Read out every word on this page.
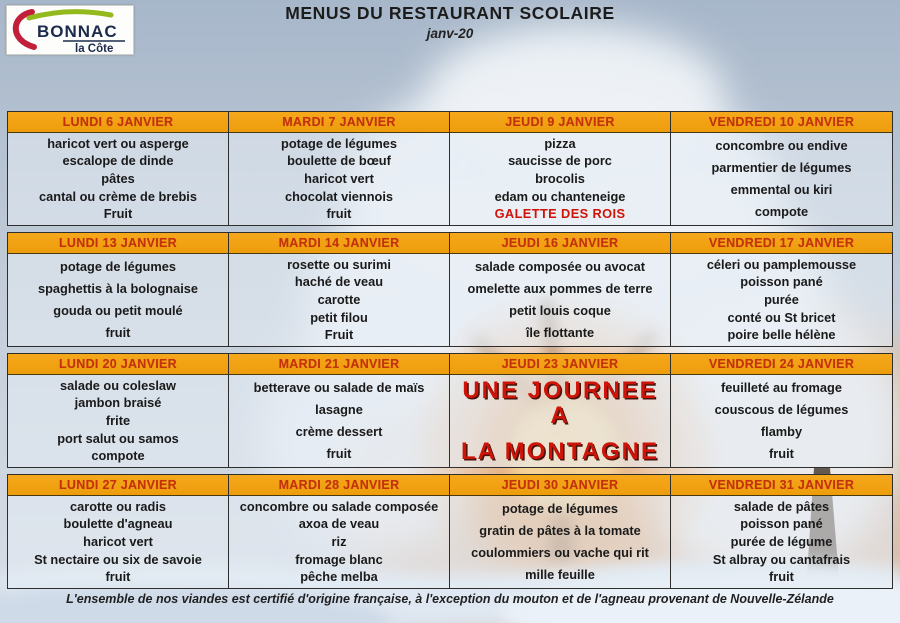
BONNAC
la Côte
MENUS DU RESTAURANT SCOLAIRE
janv-20
LUNDI 6 JANVIER
haricot vert ou asperge
escalope de dinde
pâtes
cantal ou crème de brebis
Fruit
MARDI 7 JANVIER
potage de légumes
boulette de bœuf
haricot vert
chocolat viennois
fruit
JEUDI 9 JANVIER
pizza
saucisse de porc
brocolis
edam ou chanteneige
GALETTE DES ROIS
VENDREDI 10 JANVIER
concombre ou endive
parmentier de légumes
emmental ou kiri
compote
LUNDI 13 JANVIER
potage de légumes
spaghettis à la bolognaise
gouda ou petit moulé
fruit
MARDI 14 JANVIER
rosette ou surimi
haché de veau
carotte
petit filou
Fruit
JEUDI 16 JANVIER
salade composée ou avocat
omelette aux pommes de terre
petit louis coque
île flottante
VENDREDI 17 JANVIER
céleri ou pamplemousse
poisson pané
purée
conté ou St bricet
poire belle hélène
LUNDI 20 JANVIER
salade ou coleslaw
jambon braisé
frite
port salut ou samos
compote
MARDI 21 JANVIER
betterave ou salade de maïs
lasagne
crème dessert
fruit
JEUDI 23 JANVIER
UNE JOURNEE A
LA MONTAGNE
VENDREDI 24 JANVIER
feuilleté au fromage
couscous de légumes
flamby
fruit
LUNDI 27 JANVIER
carotte ou radis
boulette d'agneau
haricot vert
St nectaire ou six de savoie
fruit
MARDI 28 JANVIER
concombre ou salade composée
axoa de veau
riz
fromage blanc
pêche melba
JEUDI 30 JANVIER
potage de légumes
gratin de pâtes à la tomate
coulommiers ou vache qui rit
mille feuille
VENDREDI 31 JANVIER
salade de pâtes
poisson pané
purée de légume
St albray ou cantafrais
fruit
L'ensemble de nos viandes est certifié d'origine française, à l'exception du mouton et de l'agneau provenant de Nouvelle-Zélande
